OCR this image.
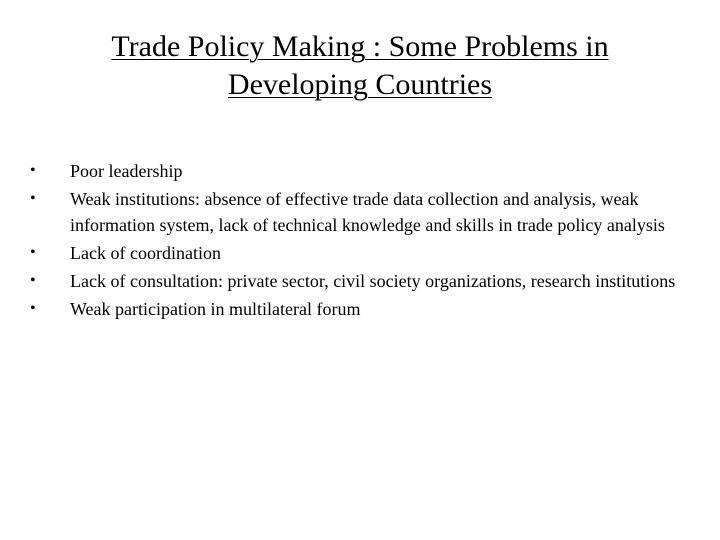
Trade Policy Making : Some Problems in
Developing Countries
•	Poor leadership
•	Weak institutions: absence of effective trade data collection and analysis, weak information system, lack of technical knowledge and skills in trade policy analysis
•	Lack of coordination
•	Lack of consultation: private sector, civil society organizations, research institutions
•	Weak participation in multilateral forum
